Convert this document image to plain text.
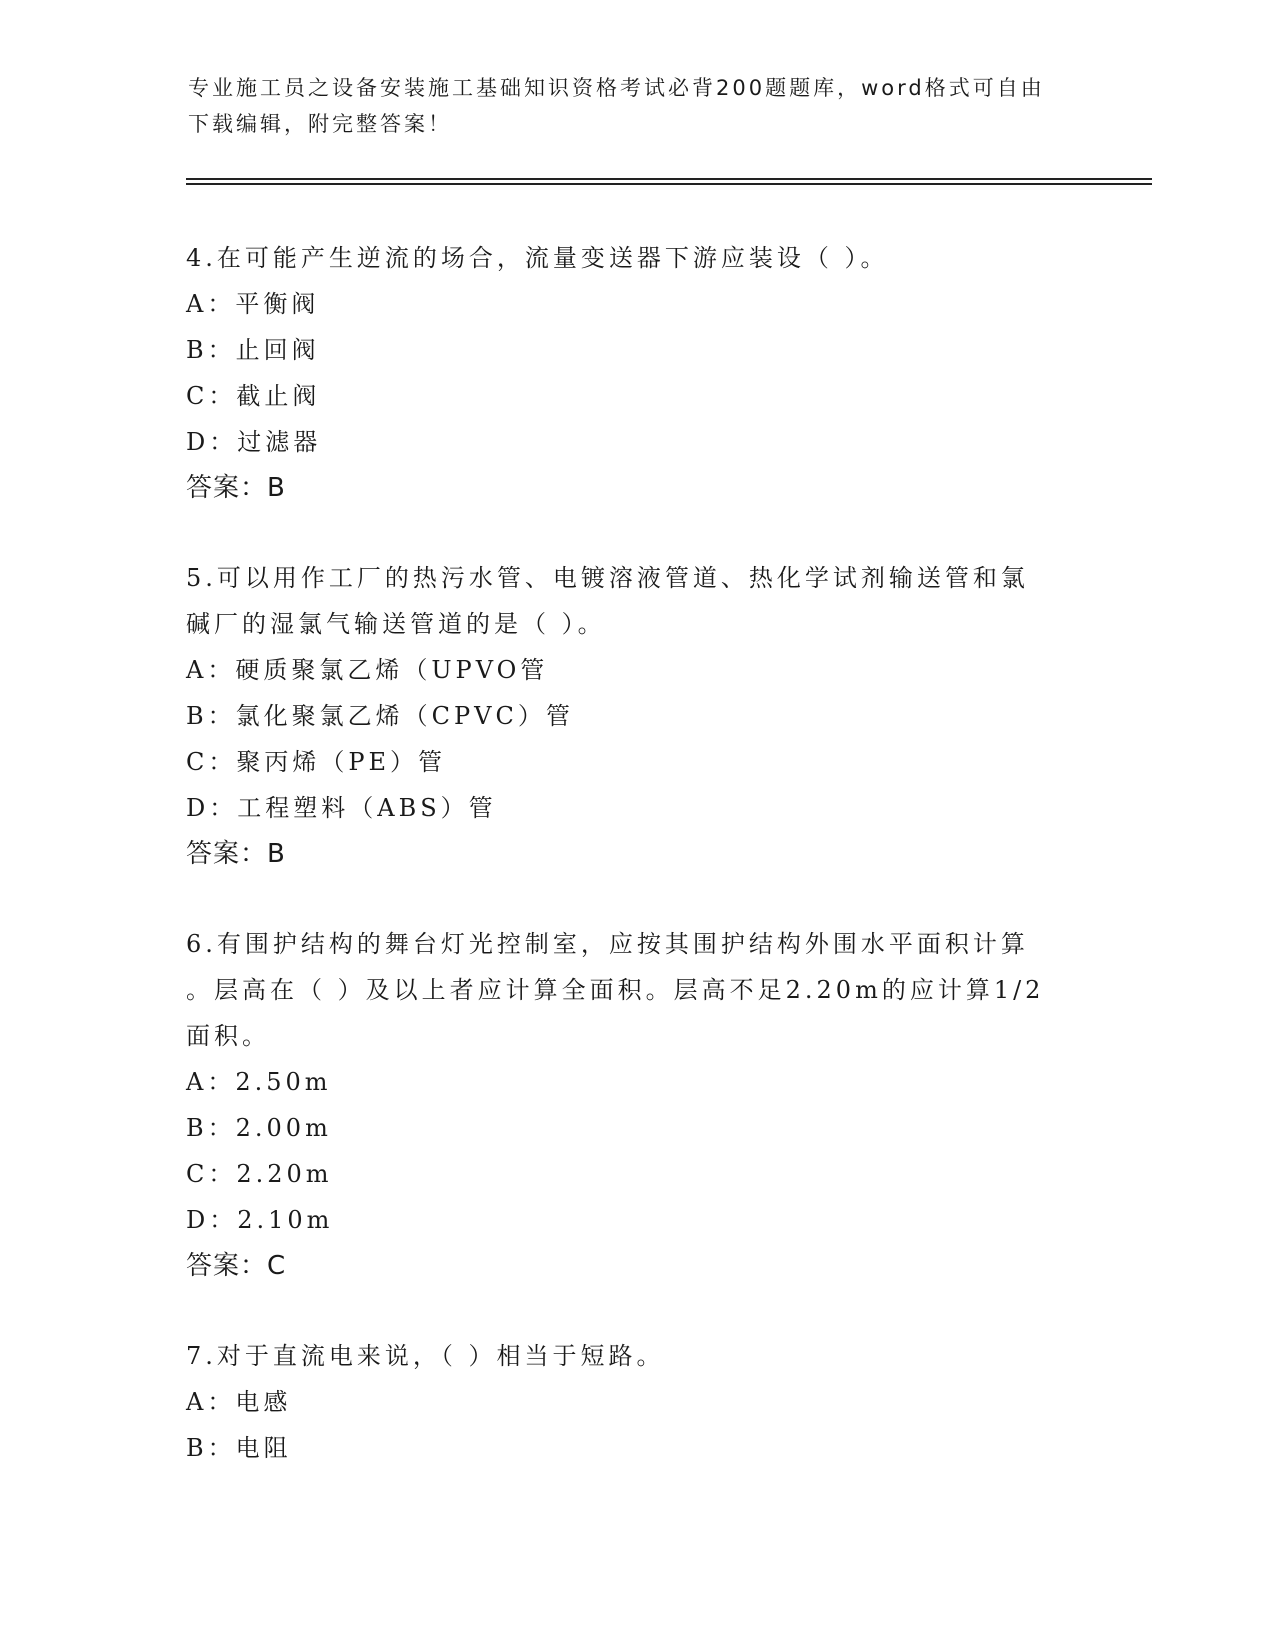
专业施工员之设备安装施工基础知识资格考试必背200题题库，word格式可自由
下载编辑，附完整答案！

4.在可能产生逆流的场合，流量变送器下游应装设（ ）。

A：平衡阀

B：止回阀

C：截止阀

D：过滤器

答案：B

5.可以用作工厂的热污水管、电镀溶液管道、热化学试剂输送管和氯

碱厂的湿氯气输送管道的是（ ）。

A：硬质聚氯乙烯（UPVO管

B：氯化聚氯乙烯（CPVC）管

C：聚丙烯（PE）管

D：工程塑料（ABS）管

答案：B

6.有围护结构的舞台灯光控制室，应按其围护结构外围水平面积计算

。层高在（ ）及以上者应计算全面积。层高不足2.20m的应计算1/2

面积。

A：2.50m

B：2.00m

C：2.20m

D：2.10m

答案：C

7.对于直流电来说，（ ）相当于短路。

A：电感

B：电阻
